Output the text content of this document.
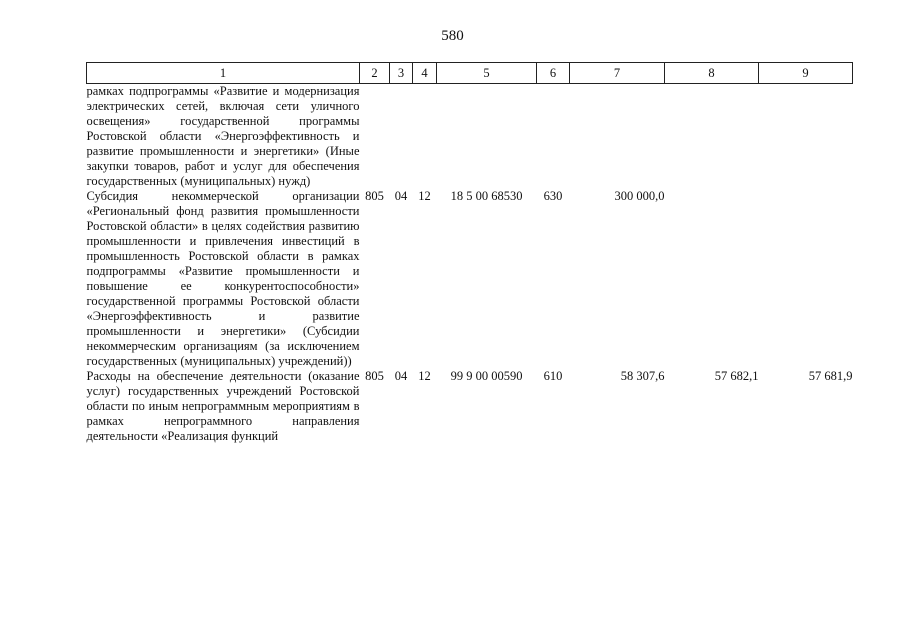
580
1	2	3	4	5	6	7	8	9
рамках подпрограммы «Развитие и модернизация электрических сетей, включая сети уличного освещения» государственной программы Ростовской области «Энергоэффективность и развитие промышленности и энергетики» (Иные закупки товаров, работ и услуг для обеспечения государственных (муниципальных) нужд)								
Субсидия некоммерческой организации «Региональный фонд развития промышленности Ростовской области» в целях содействия развитию промышленности и привлечения инвестиций в промышленность Ростовской области в рамках подпрограммы «Развитие промышленности и повышение ее конкурентоспособности» государственной программы Ростовской области «Энергоэффективность и развитие промышленности и энергетики» (Субсидии некоммерческим организациям (за исключением государственных (муниципальных) учреждений))	805	04	12	18 5 00 68530	630	300 000,0		
Расходы на обеспечение деятельности (оказание услуг) государственных учреждений Ростовской области по иным непрограммным мероприятиям в рамках непрограммного направления деятельности «Реализация функций	805	04	12	99 9 00 00590	610	58 307,6	57 682,1	57 681,9
